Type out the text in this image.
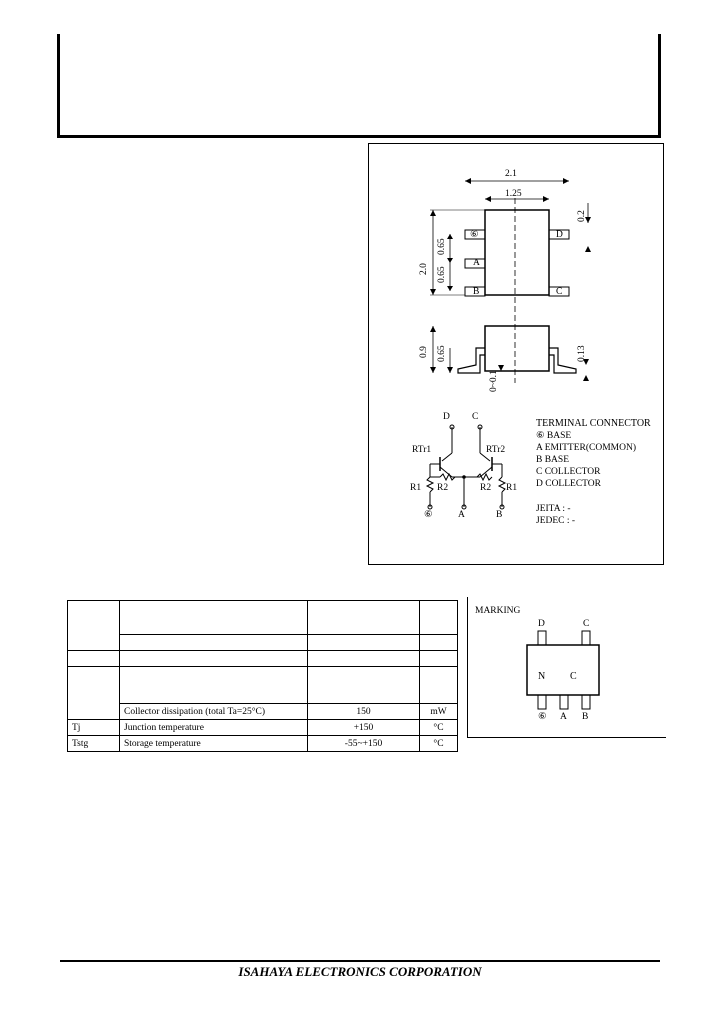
2.1
1.25
0.2
2.0
0.65
0.65
0.9 0.65	0.13
0~0.1
⑥
A
B
D
C
D C
RTr1	RTr2
R1 R2	R2 R1
⑥	A	B
TERMINAL CONNECTOR
⑥ BASE
A EMITTER(COMMON)
B BASE
C COLLECTOR
D COLLECTOR
JEITA : -
JEDEC : -

	Collector dissipation (total Ta=25°C)	150	mW
Tj	Junction temperature	+150	°C
Tstg	Storage temperature	-55~+150	°C
MARKING
D	C
N C
⑥ A B
ISAHAYA ELECTRONICS CORPORATION
